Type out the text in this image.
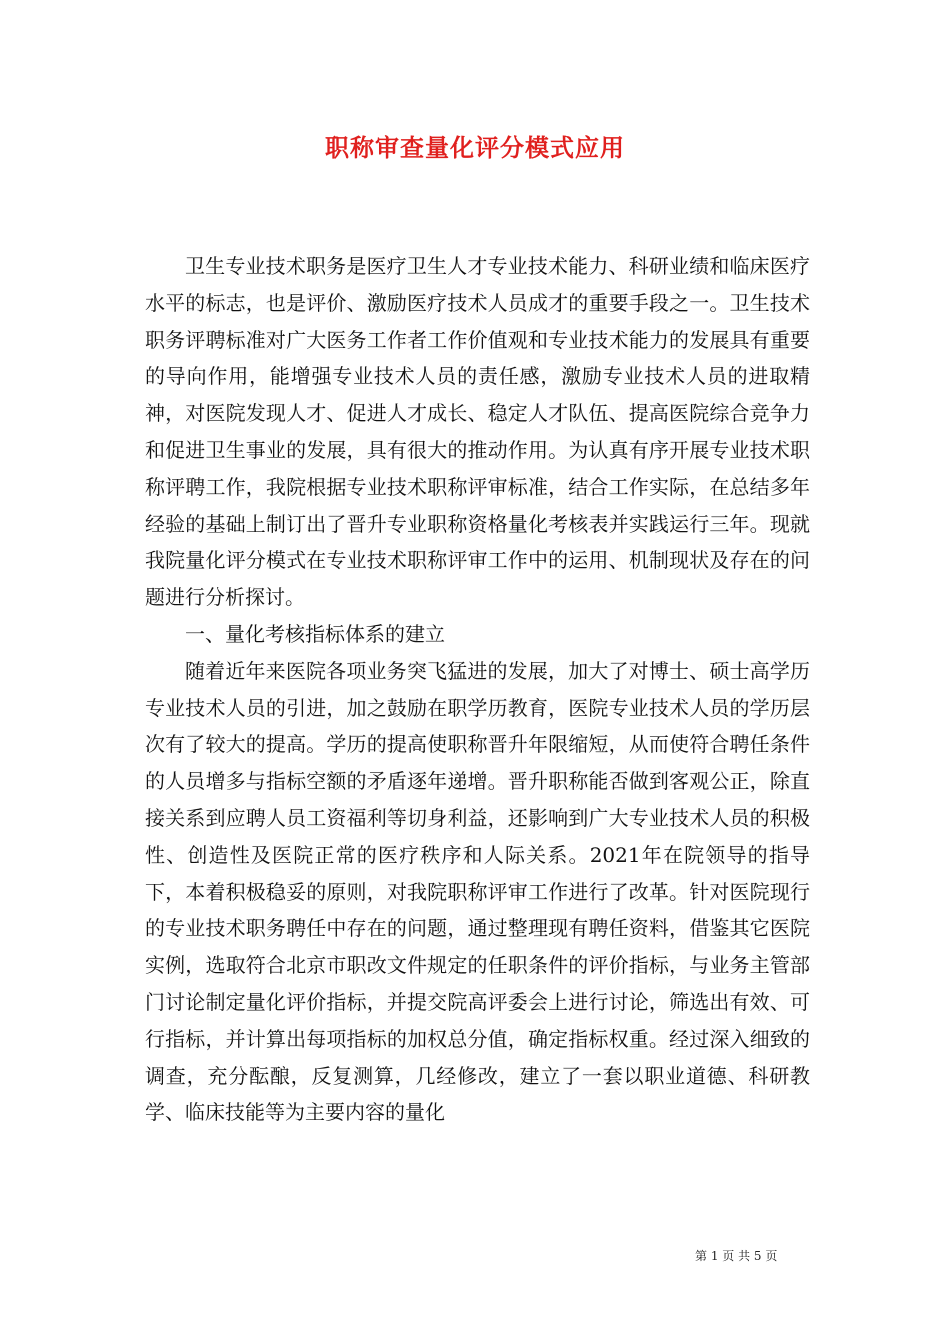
职称审查量化评分模式应用

卫生专业技术职务是医疗卫生人才专业技术能力、科研业绩和临床医疗水平的标志，也是评价、激励医疗技术人员成才的重要手段之一。卫生技术职务评聘标准对广大医务工作者工作价值观和专业技术能力的发展具有重要的导向作用，能增强专业技术人员的责任感，激励专业技术人员的进取精神，对医院发现人才、促进人才成长、稳定人才队伍、提高医院综合竞争力和促进卫生事业的发展，具有很大的推动作用。为认真有序开展专业技术职称评聘工作，我院根据专业技术职称评审标准，结合工作实际，在总结多年经验的基础上制订出了晋升专业职称资格量化考核表并实践运行三年。现就我院量化评分模式在专业技术职称评审工作中的运用、机制现状及存在的问题进行分析探讨。

一、量化考核指标体系的建立

随着近年来医院各项业务突飞猛进的发展，加大了对博士、硕士高学历专业技术人员的引进，加之鼓励在职学历教育，医院专业技术人员的学历层次有了较大的提高。学历的提高使职称晋升年限缩短，从而使符合聘任条件的人员增多与指标空额的矛盾逐年递增。晋升职称能否做到客观公正，除直接关系到应聘人员工资福利等切身利益，还影响到广大专业技术人员的积极性、创造性及医院正常的医疗秩序和人际关系。2021年在院领导的指导下，本着积极稳妥的原则，对我院职称评审工作进行了改革。针对医院现行的专业技术职务聘任中存在的问题，通过整理现有聘任资料，借鉴其它医院实例，选取符合北京市职改文件规定的任职条件的评价指标，与业务主管部门讨论制定量化评价指标，并提交院高评委会上进行讨论，筛选出有效、可行指标，并计算出每项指标的加权总分值，确定指标权重。经过深入细致的调查，充分酝酿，反复测算，几经修改，建立了一套以职业道德、科研教学、临床技能等为主要内容的量化

第 1 页 共 5 页
